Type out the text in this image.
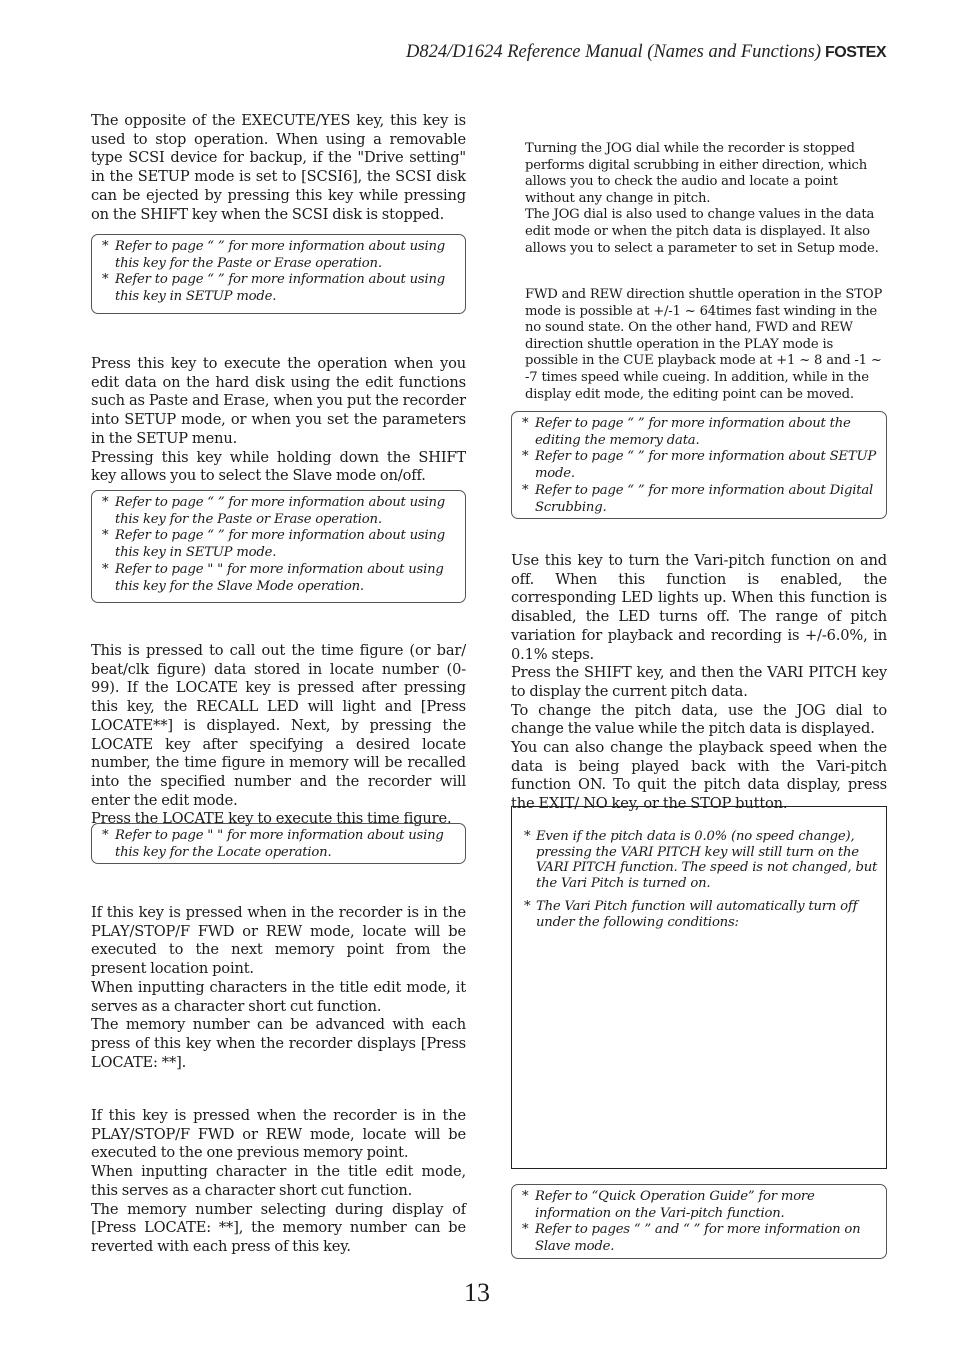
D824/D1624 Reference Manual (Names and Functions) FOSTEX

The opposite of the EXECUTE/YES key, this key is used to stop operation. When using a removable type SCSI device for backup, if the "Drive setting" in the SETUP mode is set to [SCSI6], the SCSI disk can be ejected by pressing this key while pressing on the SHIFT key when the SCSI disk is stopped.

* Refer to page “ ” for more information about using this key for the Paste or Erase operation.
* Refer to page “ ” for more information about using this key in SETUP mode.

Press this key to execute the operation when you edit data on the hard disk using the edit functions such as Paste and Erase, when you put the recorder into SETUP mode, or when you set the parameters in the SETUP menu.

Pressing this key while holding down the SHIFT key allows you to select the Slave mode on/off.

* Refer to page “ ” for more information about using this key for the Paste or Erase operation.
* Refer to page “ ” for more information about using this key in SETUP mode.
* Refer to page " " for more information about using this key for the Slave Mode operation.

This is pressed to call out the time figure (or bar/ beat/clk figure) data stored in locate number (0-99). If the LOCATE key is pressed after pressing this key, the RECALL LED will light and [Press LOCATE**] is displayed. Next, by pressing the LOCATE key after specifying a desired locate number, the time figure in memory will be recalled into the specified number and the recorder will enter the edit mode.

Press the LOCATE key to execute this time figure.

* Refer to page " " for more information about using this key for the Locate operation.

If this key is pressed when in the recorder is in the PLAY/STOP/F FWD or REW mode, locate will be executed to the next memory point from the present location point.

When inputting characters in the title edit mode, it serves as a character short cut function.

The memory number can be advanced with each press of this key when the recorder displays [Press LOCATE: **].

If this key is pressed when the recorder is in the PLAY/STOP/F FWD or REW mode, locate will be executed to the one previous memory point.

When inputting character in the title edit mode, this serves as a character short cut function.

The memory number selecting during display of [Press LOCATE: **], the memory number can be reverted with each press of this key.

Turning the JOG dial while the recorder is stopped performs digital scrubbing in either direction, which allows you to check the audio and locate a point without any change in pitch.

The JOG dial is also used to change values in the data edit mode or when the pitch data is displayed. It also allows you to select a parameter to set in Setup mode.

FWD and REW direction shuttle operation in the STOP mode is possible at +/-1 ~ 64times fast winding in the no sound state. On the other hand, FWD and REW direction shuttle operation in the PLAY mode is possible in the CUE playback mode at +1 ~ 8 and -1 ~ -7 times speed while cueing. In addition, while in the display edit mode, the editing point can be moved.

* Refer to page “ ” for more information about the editing the memory data.
* Refer to page “ ” for more information about SETUP mode.
* Refer to page “ ” for more information about Digital Scrubbing.

Use this key to turn the Vari-pitch function on and off. When this function is enabled, the corresponding LED lights up. When this function is disabled, the LED turns off. The range of pitch variation for playback and recording is +/-6.0%, in 0.1% steps.

Press the SHIFT key, and then the VARI PITCH key to display the current pitch data.

To change the pitch data, use the JOG dial to change the value while the pitch data is displayed.

You can also change the playback speed when the data is being played back with the Vari-pitch function ON. To quit the pitch data display, press the EXIT/ NO key, or the STOP button.

* Even if the pitch data is 0.0% (no speed change), pressing the VARI PITCH key will still turn on the VARI PITCH function. The speed is not changed, but the Vari Pitch is turned on.
* The Vari Pitch function will automatically turn off under the following conditions:
* Refer to “Quick Operation Guide” for more information on the Vari-pitch function.
* Refer to pages “ ” and “ ” for more information on Slave mode.
13
